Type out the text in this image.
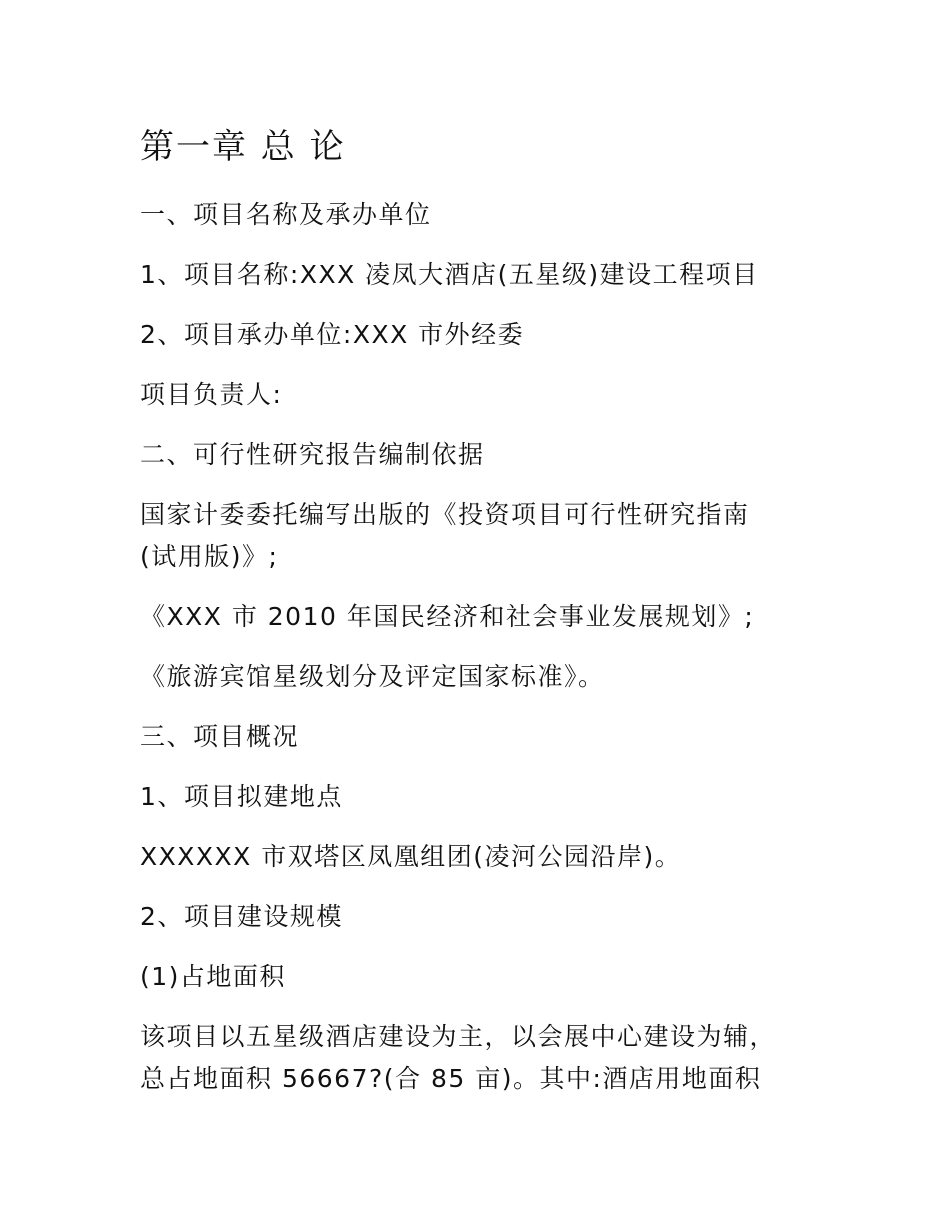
第一章 总 论
一、项目名称及承办单位
1、项目名称:XXX 凌凤大酒店(五星级)建设工程项目
2、项目承办单位:XXX 市外经委
项目负责人:
二、可行性研究报告编制依据
国家计委委托编写出版的《投资项目可行性研究指南
(试用版)》;
《XXX 市 2010 年国民经济和社会事业发展规划》;
《旅游宾馆星级划分及评定国家标准》。
三、项目概况
1、项目拟建地点
XXXXXX 市双塔区凤凰组团(凌河公园沿岸)。
2、项目建设规模
(1)占地面积
该项目以五星级酒店建设为主，以会展中心建设为辅，
总占地面积 56667?(合 85 亩)。其中:酒店用地面积
